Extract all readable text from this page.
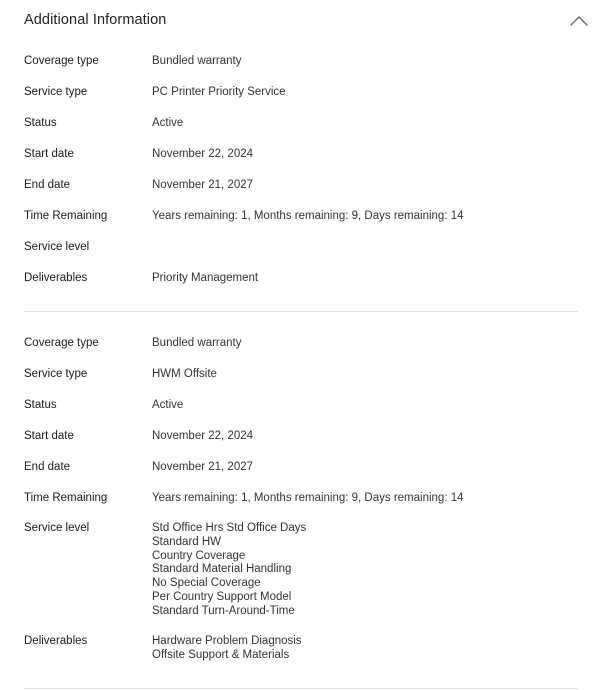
Additional Information
Coverage type	Bundled warranty
Service type	PC Printer Priority Service
Status	Active
Start date	November 22, 2024
End date	November 21, 2027
Time Remaining	Years remaining: 1, Months remaining: 9, Days remaining: 14
Service level
Deliverables	Priority Management
Coverage type	Bundled warranty
Service type	HWM Offsite
Status	Active
Start date	November 22, 2024
End date	November 21, 2027
Time Remaining	Years remaining: 1, Months remaining: 9, Days remaining: 14
Service level	Std Office Hrs Std Office Days
Standard HW
Country Coverage
Standard Material Handling
No Special Coverage
Per Country Support Model
Standard Turn-Around-Time
Deliverables	Hardware Problem Diagnosis
Offsite Support & Materials
